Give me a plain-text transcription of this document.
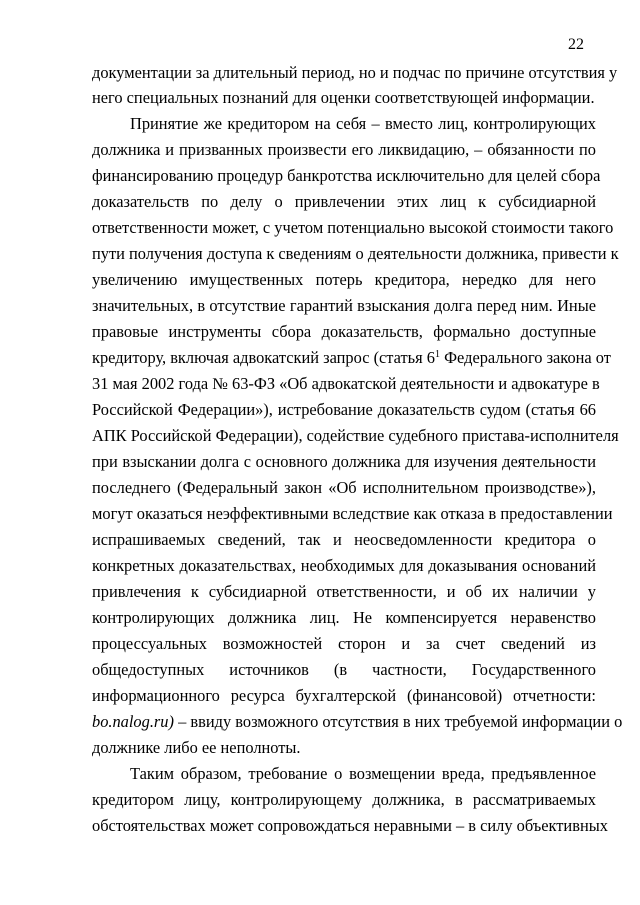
22
документации за длительный период, но и подчас по причине отсутствия у
него специальных познаний для оценки соответствующей информации.
Принятие же кредитором на себя – вместо лиц, контролирующих
должника и призванных произвести его ликвидацию, – обязанности по
финансированию процедур банкротства исключительно для целей сбора
доказательств по делу о привлечении этих лиц к субсидиарной
ответственности может, с учетом потенциально высокой стоимости такого
пути получения доступа к сведениям о деятельности должника, привести к
увеличению имущественных потерь кредитора, нередко для него
значительных, в отсутствие гарантий взыскания долга перед ним. Иные
правовые инструменты сбора доказательств, формально доступные
кредитору, включая адвокатский запрос (статья $6^1$ Федерального закона от
31 мая 2002 года № 63-ФЗ «Об адвокатской деятельности и адвокатуре в
Российской Федерации»), истребование доказательств судом (статья 66
АПК Российской Федерации), содействие судебного пристава-исполнителя
при взыскании долга с основного должника для изучения деятельности
последнего (Федеральный закон «Об исполнительном производстве»),
могут оказаться неэффективными вследствие как отказа в предоставлении
испрашиваемых сведений, так и неосведомленности кредитора о
конкретных доказательствах, необходимых для доказывания оснований
привлечения к субсидиарной ответственности, и об их наличии у
контролирующих должника лиц. Не компенсируется неравенство
процессуальных возможностей сторон и за счет сведений из
общедоступных источников (в частности, Государственного
информационного ресурса бухгалтерской (финансовой) отчетности:
bo.nalog.ru) – ввиду возможного отсутствия в них требуемой информации о
должнике либо ее неполноты.
Таким образом, требование о возмещении вреда, предъявленное
кредитором лицу, контролирующему должника, в рассматриваемых
обстоятельствах может сопровождаться неравными – в силу объективных
